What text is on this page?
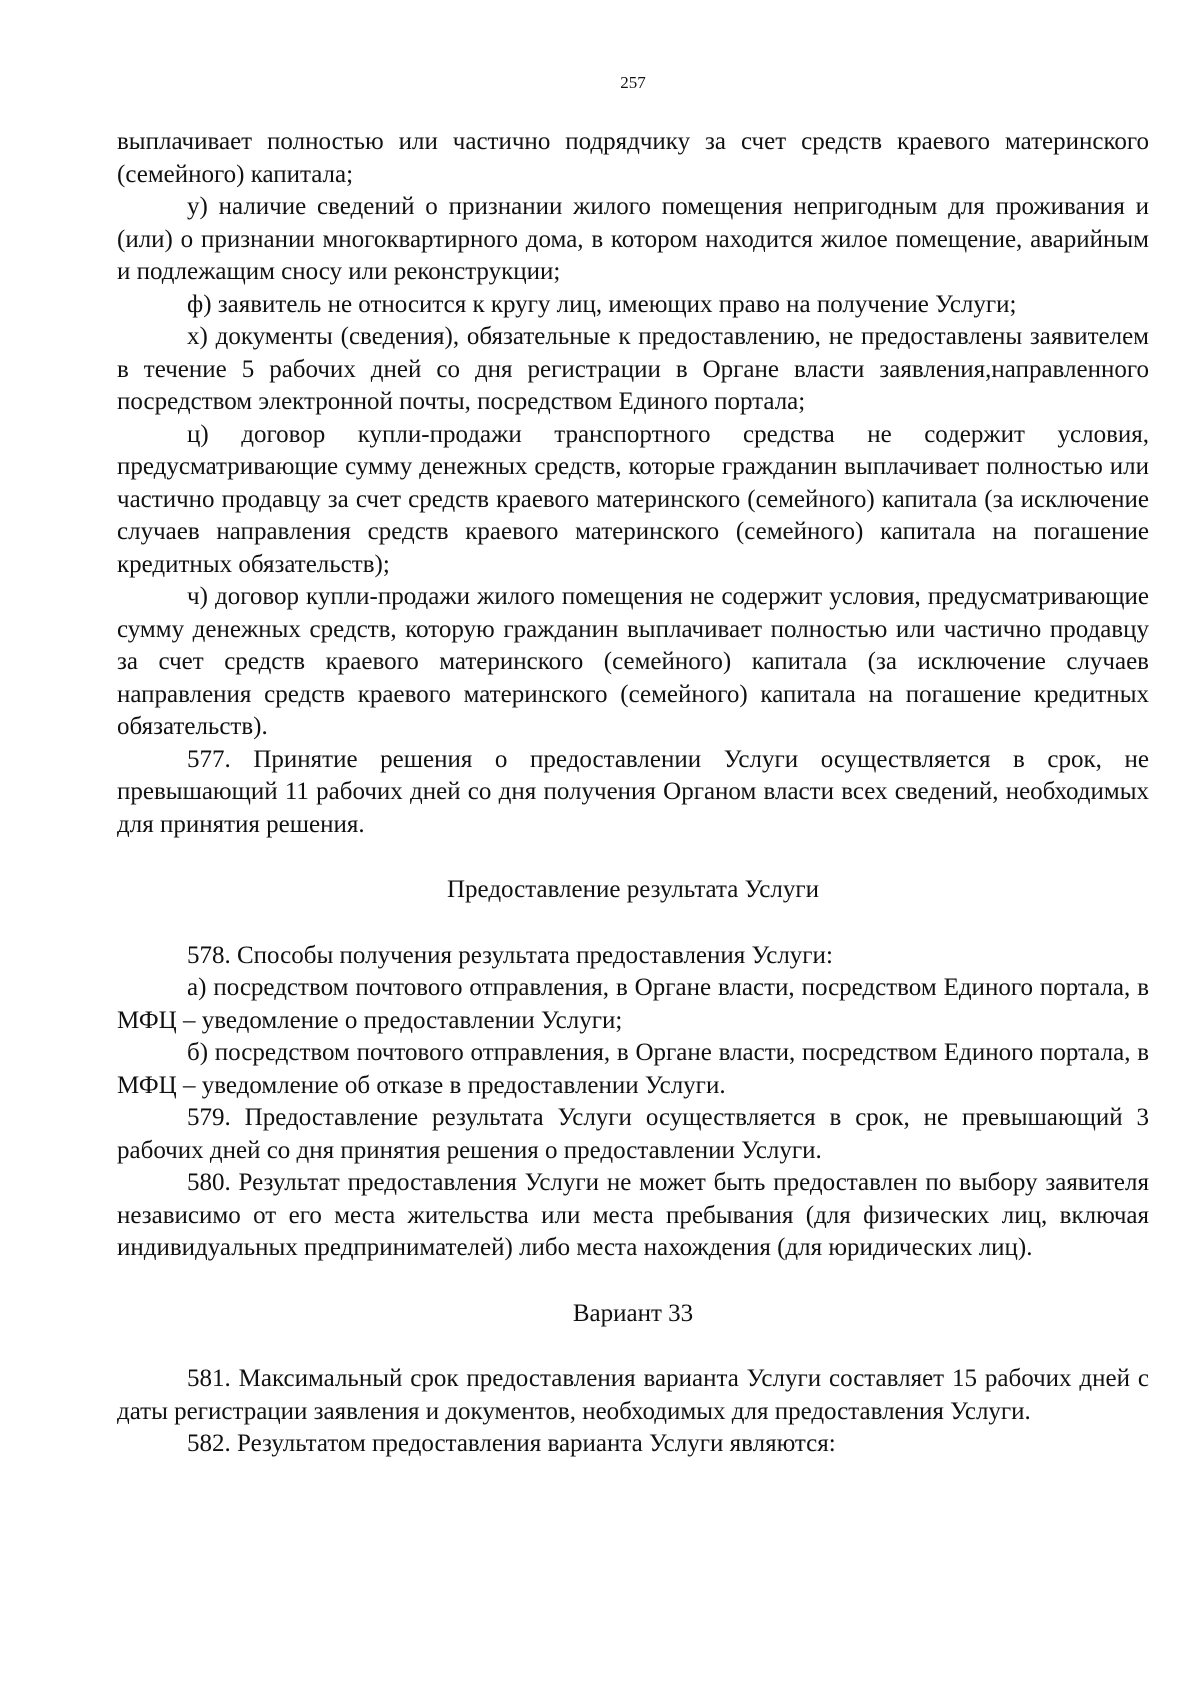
257

выплачивает полностью или частично подрядчику за счет средств краевого материнского (семейного) капитала;

у) наличие сведений о признании жилого помещения непригодным для проживания и (или) о признании многоквартирного дома, в котором находится жилое помещение, аварийным и подлежащим сносу или реконструкции;

ф) заявитель не относится к кругу лиц, имеющих право на получение Услуги;

х) документы (сведения), обязательные к предоставлению, не предоставлены заявителем в течение 5 рабочих дней со дня регистрации в Органе власти заявления,направленного посредством электронной почты, посредством Единого портала;

ц) договор купли-продажи транспортного средства не содержит условия, предусматривающие сумму денежных средств, которые гражданин выплачивает полностью или частично продавцу за счет средств краевого материнского (семейного) капитала (за исключение случаев направления средств краевого материнского (семейного) капитала на погашение кредитных обязательств);

ч) договор купли-продажи жилого помещения не содержит условия, предусматривающие сумму денежных средств, которую гражданин выплачивает полностью или частично продавцу за счет средств краевого материнского (семейного) капитала (за исключение случаев направления средств краевого материнского (семейного) капитала на погашение кредитных обязательств).

577. Принятие решения о предоставлении Услуги осуществляется в срок, не превышающий 11 рабочих дней со дня получения Органом власти всех сведений, необходимых для принятия решения.

Предоставление результата Услуги

578. Способы получения результата предоставления Услуги:

а) посредством почтового отправления, в Органе власти, посредством Единого портала, в МФЦ – уведомление о предоставлении Услуги;

б) посредством почтового отправления, в Органе власти, посредством Единого портала, в МФЦ – уведомление об отказе в предоставлении Услуги.

579. Предоставление результата Услуги осуществляется в срок, не превышающий 3 рабочих дней со дня принятия решения о предоставлении Услуги.

580. Результат предоставления Услуги не может быть предоставлен по выбору заявителя независимо от его места жительства или места пребывания (для физических лиц, включая индивидуальных предпринимателей) либо места нахождения (для юридических лиц).

Вариант 33

581. Максимальный срок предоставления варианта Услуги составляет 15 рабочих дней с даты регистрации заявления и документов, необходимых для предоставления Услуги.

582. Результатом предоставления варианта Услуги являются:
